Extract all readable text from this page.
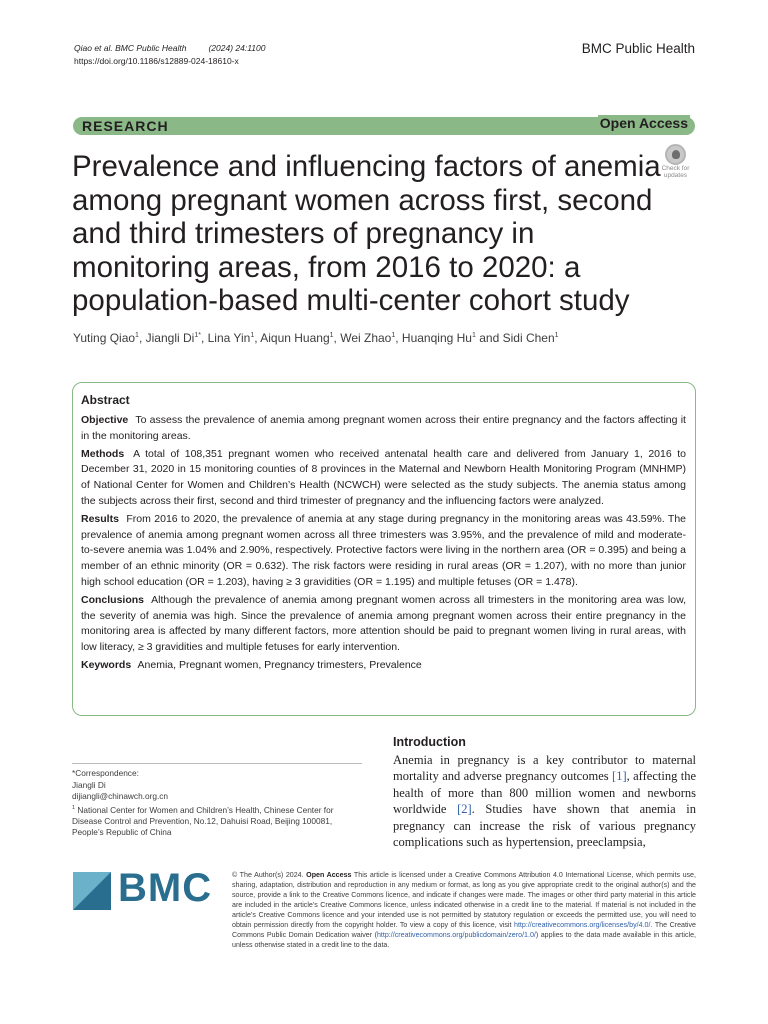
Qiao et al. BMC Public Health	(2024) 24:1100
https://doi.org/10.1186/s12889-024-18610-x
BMC Public Health
RESEARCH	Open Access
Prevalence and influencing factors of anemia among pregnant women across first, second and third trimesters of pregnancy in monitoring areas, from 2016 to 2020: a population-based multi-center cohort study
Check for
updates
Yuting Qiao$^1$, Jiangli $Di^{1*}$, Lina Yin$^1$, Aiqun Huang$^1$, Wei Zhao$^1$, Huanqing Hu$^1$ and Sidi Chen$^1$
Abstract

Objective To assess the prevalence of anemia among pregnant women across their entire pregnancy and the factors affecting it in the monitoring areas.

Methods A total of 108,351 pregnant women who received antenatal health care and delivered from January 1, 2016 to December 31, 2020 in 15 monitoring counties of 8 provinces in the Maternal and Newborn Health Monitoring Program (MNHMP) of National Center for Women and Children’s Health (NCWCH) were selected as the study subjects. The anemia status among the subjects across their first, second and third trimester of pregnancy and the influencing factors were analyzed.

Results From 2016 to 2020, the prevalence of anemia at any stage during pregnancy in the monitoring areas was 43.59%. The prevalence of anemia among pregnant women across all three trimesters was 3.95%, and the prevalence of mild and moderate-to-severe anemia was 1.04% and 2.90%, respectively. Protective factors were living in the northern area (OR = 0.395) and being a member of an ethnic minority (OR = 0.632). The risk factors were residing in rural areas (OR = 1.207), with no more than junior high school education (OR = 1.203), having ≥ 3 gravidities (OR = 1.195) and multiple fetuses (OR = 1.478).

Conclusions Although the prevalence of anemia among pregnant women across all trimesters in the monitoring area was low, the severity of anemia was high. Since the prevalence of anemia among pregnant women across their entire pregnancy in the monitoring area is affected by many different factors, more attention should be paid to pregnant women living in rural areas, with low literacy, ≥ 3 gravidities and multiple fetuses for early intervention.

Keywords Anemia, Pregnant women, Pregnancy trimesters, Prevalence

*Correspondence:
Jiangli Di
dijiangli@chinawch.org.cn
$^1$ National Center for Women and Children’s Health, Chinese Center for Disease Control and Prevention, No.12, Dahuisi Road, Beijing 100081, People’s Republic of China
Introduction

Anemia in pregnancy is a key contributor to maternal mortality and adverse pregnancy outcomes [1], affecting the health of more than 800 million women and newborns worldwide [2]. Studies have shown that anemia in pregnancy can increase the risk of various pregnancy complications such as hypertension, preeclampsia,

BMC	© The Author(s) 2024. Open Access This article is licensed under a Creative Commons Attribution 4.0 International License, which permits use, sharing, adaptation, distribution and reproduction in any medium or format, as long as you give appropriate credit to the original author(s) and the source, provide a link to the Creative Commons licence, and indicate if changes were made. The images or other third party material in this article are included in the article’s Creative Commons licence, unless indicated otherwise in a credit line to the material. If material is not included in the article’s Creative Commons licence and your intended use is not permitted by statutory regulation or exceeds the permitted use, you will need to obtain permission directly from the copyright holder. To view a copy of this licence, visit http://creativecommons.org/licenses/by/4.0/. The Creative Commons Public Domain Dedication waiver (http://creativecommons.org/publicdomain/zero/1.0/) applies to the data made available in this article, unless otherwise stated in a credit line to the data.
